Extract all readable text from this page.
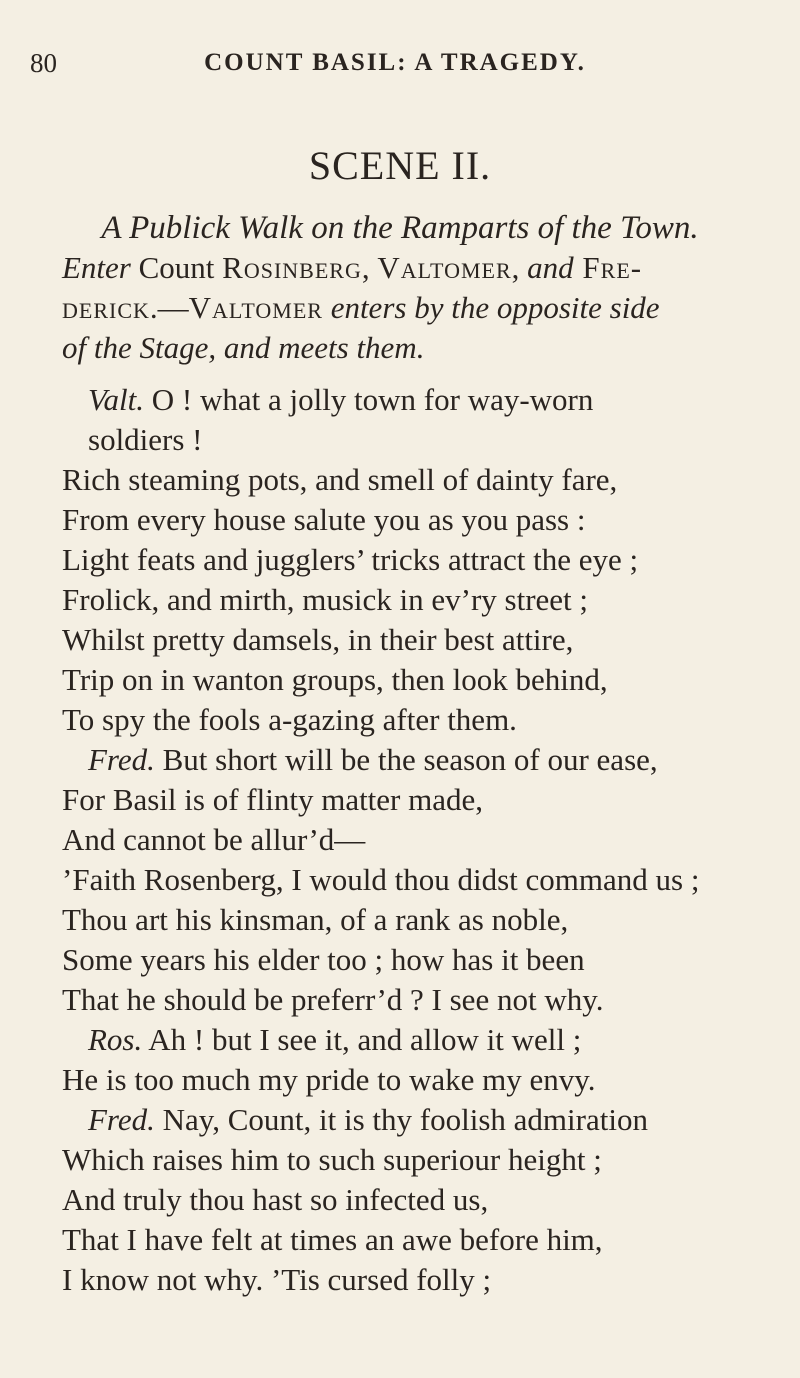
80	COUNT BASIL: A TRAGEDY.
SCENE II.
A Publick Walk on the Ramparts of the Town.
Enter Count Rosinberg, Valtomer, and Fre-
derick.—Valtomer enters by the opposite side
of the Stage, and meets them.
Valt. O ! what a jolly town for way-worn
soldiers !
Rich steaming pots, and smell of dainty fare,
From every house salute you as you pass :
Light feats and jugglers’ tricks attract the eye ;
Frolick, and mirth, musick in ev’ry street ;
Whilst pretty damsels, in their best attire,
Trip on in wanton groups, then look behind,
To spy the fools a-gazing after them.
Fred. But short will be the season of our ease,
For Basil is of flinty matter made,
And cannot be allur’d—
’Faith Rosenberg, I would thou didst command us ;
Thou art his kinsman, of a rank as noble,
Some years his elder too ; how has it been
That he should be preferr’d ? I see not why.
Ros. Ah ! but I see it, and allow it well ;
He is too much my pride to wake my envy.
Fred. Nay, Count, it is thy foolish admiration
Which raises him to such superiour height ;
And truly thou hast so infected us,
That I have felt at times an awe before him,
I know not why. ’Tis cursed folly ;
